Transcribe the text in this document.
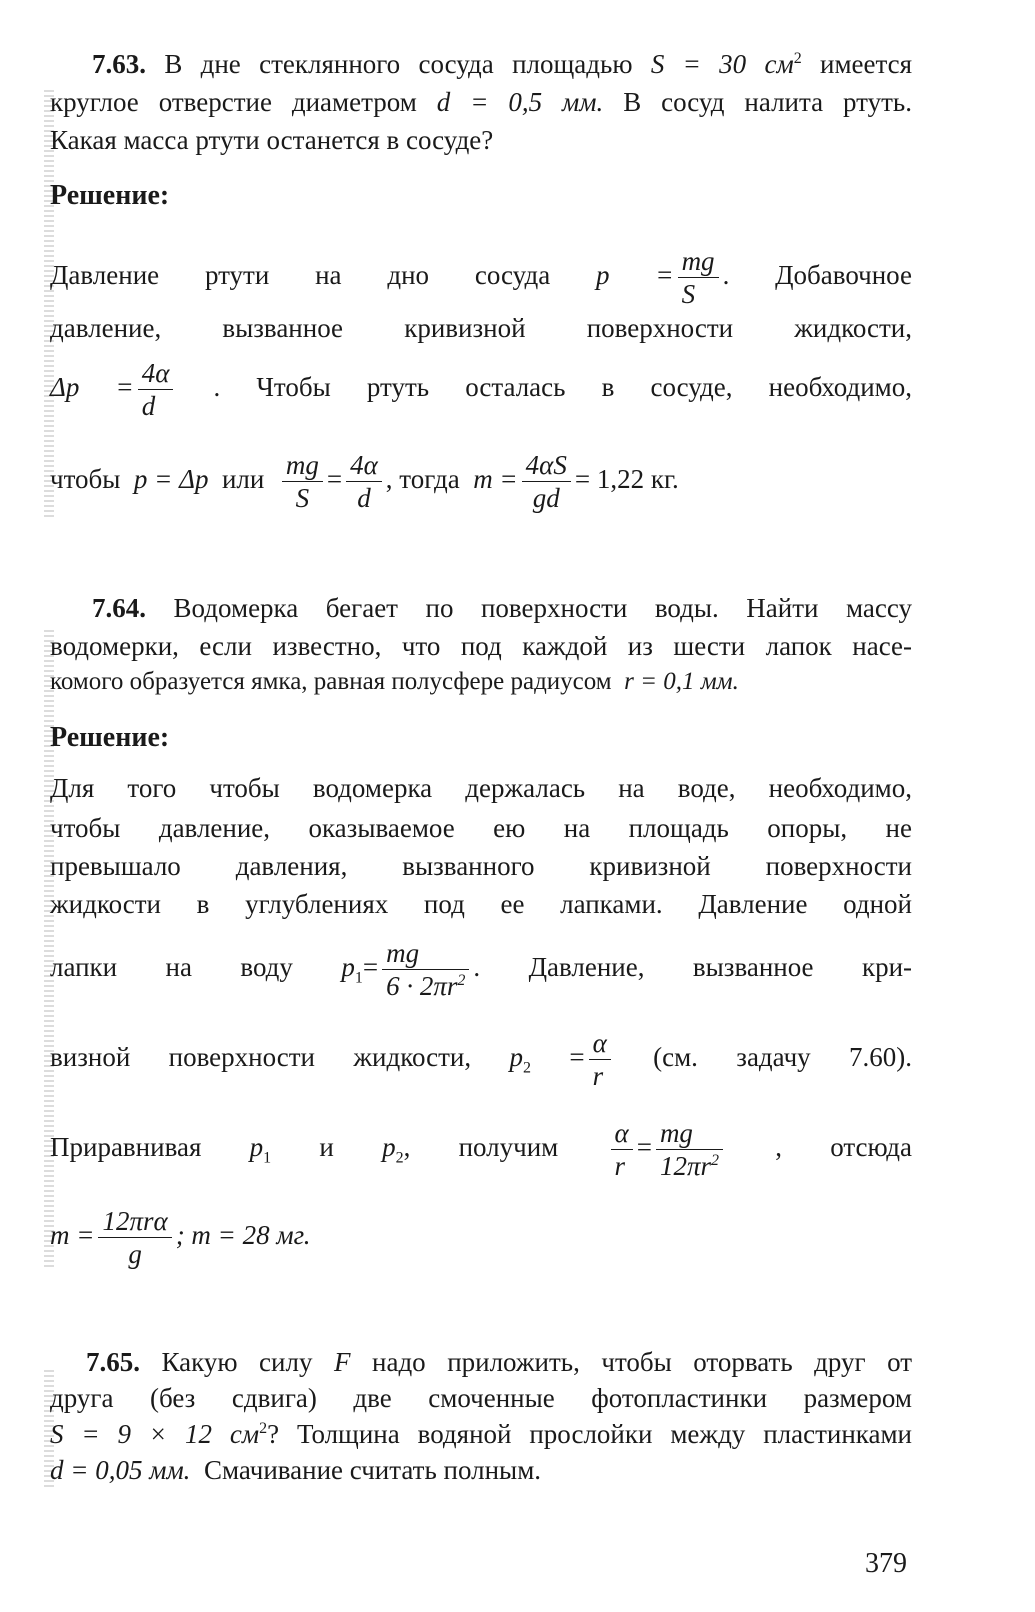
7.63. В дне стеклянного сосуда площадью S = 30 $см^2$ имеется
круглое отверстие диаметром d = 0,5 мм. В сосуд налита ртуть.
Какая масса ртути останется в сосуде?
Решение:
Давление ртути на дно сосуда $p = \frac{mg}{S}$ . Добавочное
давление, вызванное кривизной поверхности жидкости,
$\Delta p = \frac{4\alpha}{d}$ . Чтобы ртуть осталась в сосуде, необходимо,
чтобы p = Δp или $\frac{mg}{S} = \frac{4\alpha}{d}$ , тогда $m = \frac{4\alpha S}{gd} = 1,22$ кг.
7.64. Водомерка бегает по поверхности воды. Найти массу
водомерки, если известно, что под каждой из шести лапок насе-
комого образуется ямка, равная полусфере радиусом r = 0,1 мм.
Решение:
Для того чтобы водомерка держалась на воде, необходимо,
чтобы давление, оказываемое ею на площадь опоры, не
превышало давления, вызванного кривизной поверхности
жидкости в углублениях под ее лапками. Давление одной
лапки на воду $p_1= \frac{mg}{6 \cdot 2\pi r^2}$ . Давление, вызванное кри-
визной поверхности жидкости, $p_2 = \frac{\alpha}{r} (см$. задачу 7.60).
Приравнивая $p_1$ и $p_2$, получим $\frac{\alpha}{r} = \frac{mg}{12\pi r^2}$ , отсюда
$m = \frac{\text{12πrα}}{g}$ ; m = 28 мг.
7.65. Какую силу F надо приложить, чтобы оторвать друг от
друга (без сдвига) две смоченные фотопластинки размером
S = 9 × 12 $см^2$? Толщина водяной прослойки между пластинками
d = 0,05 мм. Смачивание считать полным.
379
